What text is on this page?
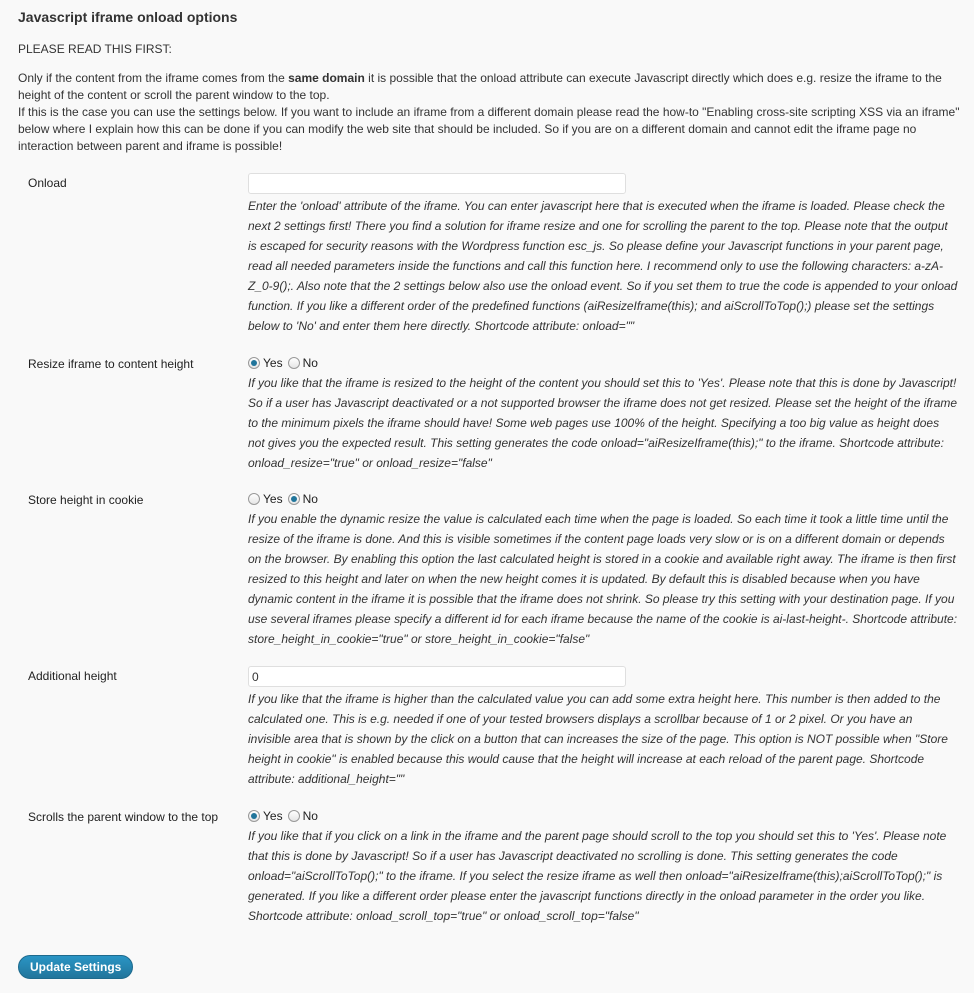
Javascript iframe onload options

PLEASE READ THIS FIRST:

Only if the content from the iframe comes from the same domain it is possible that the onload attribute can execute Javascript directly which does e.g. resize the iframe to the height of the content or scroll the parent window to the top.
If this is the case you can use the settings below. If you want to include an iframe from a different domain please read the how-to "Enabling cross-site scripting XSS via an iframe" below where I explain how this can be done if you can modify the web site that should be included. So if you are on a different domain and cannot edit the iframe page no interaction between parent and iframe is possible!

Onload

Enter the 'onload' attribute of the iframe. You can enter javascript here that is executed when the iframe is loaded. Please check the next 2 settings first! There you find a solution for iframe resize and one for scrolling the parent to the top. Please note that the output is escaped for security reasons with the Wordpress function esc_js. So please define your Javascript functions in your parent page, read all needed parameters inside the functions and call this function here. I recommend only to use the following characters: a-zA-Z_0-9();. Also note that the 2 settings below also use the onload event. So if you set them to true the code is appended to your onload function. If you like a different order of the predefined functions (aiResizeIframe(this); and aiScrollToTop();) please set the settings below to 'No' and enter them here directly. Shortcode attribute: onload=""

Resize iframe to content height	Yes No

If you like that the iframe is resized to the height of the content you should set this to 'Yes'. Please note that this is done by Javascript! So if a user has Javascript deactivated or a not supported browser the iframe does not get resized. Please set the height of the iframe to the minimum pixels the iframe should have! Some web pages use 100% of the height. Specifying a too big value as height does not gives you the expected result. This setting generates the code onload="aiResizeIframe(this);" to the iframe. Shortcode attribute: onload_resize="true" or onload_resize="false"

Store height in cookie	Yes No

If you enable the dynamic resize the value is calculated each time when the page is loaded. So each time it took a little time until the resize of the iframe is done. And this is visible sometimes if the content page loads very slow or is on a different domain or depends on the browser. By enabling this option the last calculated height is stored in a cookie and available right away. The iframe is then first resized to this height and later on when the new height comes it is updated. By default this is disabled because when you have dynamic content in the iframe it is possible that the iframe does not shrink. So please try this setting with your destination page. If you use several iframes please specify a different id for each iframe because the name of the cookie is ai-last-height-. Shortcode attribute: store_height_in_cookie="true" or store_height_in_cookie="false"

Additional height
0

If you like that the iframe is higher than the calculated value you can add some extra height here. This number is then added to the calculated one. This is e.g. needed if one of your tested browsers displays a scrollbar because of 1 or 2 pixel. Or you have an invisible area that is shown by the click on a button that can increases the size of the page. This option is NOT possible when "Store height in cookie" is enabled because this would cause that the height will increase at each reload of the parent page. Shortcode attribute: additional_height=""

Scrolls the parent window to the top	Yes No

If you like that if you click on a link in the iframe and the parent page should scroll to the top you should set this to 'Yes'. Please note that this is done by Javascript! So if a user has Javascript deactivated no scrolling is done. This setting generates the code onload="aiScrollToTop();" to the iframe. If you select the resize iframe as well then onload="aiResizeIframe(this);aiScrollToTop();" is generated. If you like a different order please enter the javascript functions directly in the onload parameter in the order you like. Shortcode attribute: onload_scroll_top="true" or onload_scroll_top="false"

Update Settings
